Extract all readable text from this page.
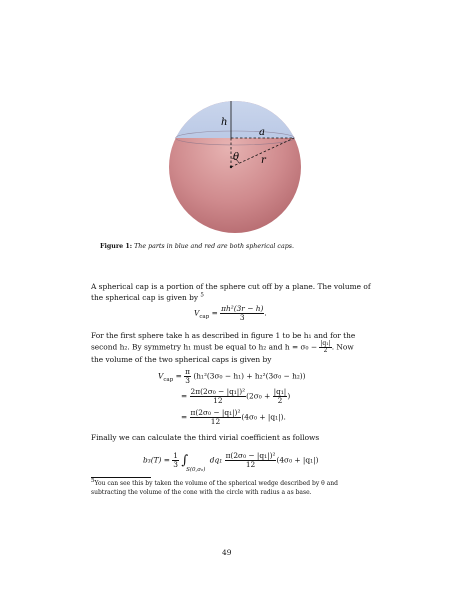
h
a
θ r
Figure 1: The parts in blue and red are both spherical caps.
A spherical cap is a portion of the sphere cut off by a plane. The volume of
the spherical cap is given by $^5$
$V_{cap} = \frac{\text{πh²(3r − h)}}{3}$ .
For the first sphere take h as described in figure 1 to be h₁ and for the
second h₂. By symmetry h₁ must be equal to h₂ and $h = \sigma_0 - \frac{\text{|q₁|}}{2}$ . Now
the volume of the two spherical caps is given by
$V_{cap} = \frac{\pi}{3} (h_1^2(3\sigma_0 - h_1) + h_2^2(3\sigma_0 - h_2))$
= $\frac{\text{2π(2σ₀ − |q₁|)²}}{12} (2\sigma_0 + \frac{\text{|q₁|}}{2}$ )
= $\frac{\text{π(2σ₀ − |q₁|)²}}{12} (4\sigma_0 + |q_1|)$.
Finally we can calculate the third virial coefficient as follows
$b_3(T) = \frac{1}{3} \int_{S(0,\sigma_0)}$ $dq_1 \frac{\text{π(2σ₀ − |q₁|)²}}{12} (4\sigma_0 + |q_1|)$
$^5$You can see this by taken the volume of the spherical wedge described by θ and
subtracting the volume of the cone with the circle with radius a as base.
49
